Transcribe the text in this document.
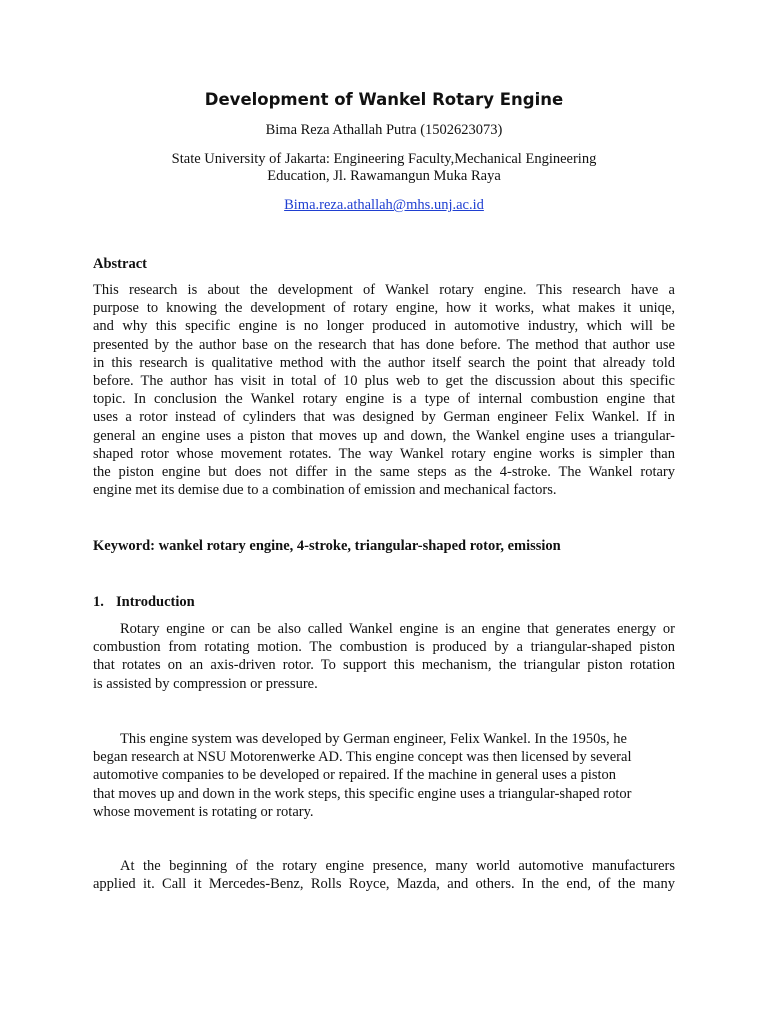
Development of Wankel Rotary Engine
Bima Reza Athallah Putra (1502623073)
State University of Jakarta: Engineering Faculty,Mechanical Engineering
Education, Jl. Rawamangun Muka Raya
Bima.reza.athallah@mhs.unj.ac.id
Abstract
This research is about the development of Wankel rotary engine. This research have a
purpose to knowing the development of rotary engine, how it works, what makes it uniqe,
and why this specific engine is no longer produced in automotive industry, which will be
presented by the author base on the research that has done before. The method that author use
in this research is qualitative method with the author itself search the point that already told
before. The author has visit in total of 10 plus web to get the discussion about this specific
topic. In conclusion the Wankel rotary engine is a type of internal combustion engine that
uses a rotor instead of cylinders that was designed by German engineer Felix Wankel. If in
general an engine uses a piston that moves up and down, the Wankel engine uses a triangular-
shaped rotor whose movement rotates. The way Wankel rotary engine works is simpler than
the piston engine but does not differ in the same steps as the 4-stroke. The Wankel rotary
engine met its demise due to a combination of emission and mechanical factors.
Keyword: wankel rotary engine, 4-stroke, triangular-shaped rotor, emission
1. Introduction
Rotary engine or can be also called Wankel engine is an engine that generates energy or
combustion from rotating motion. The combustion is produced by a triangular-shaped piston
that rotates on an axis-driven rotor. To support this mechanism, the triangular piston rotation
is assisted by compression or pressure.
This engine system was developed by German engineer, Felix Wankel. In the 1950s, he
began research at NSU Motorenwerke AD. This engine concept was then licensed by several
automotive companies to be developed or repaired. If the machine in general uses a piston
that moves up and down in the work steps, this specific engine uses a triangular-shaped rotor
whose movement is rotating or rotary.
At the beginning of the rotary engine presence, many world automotive manufacturers
applied it. Call it Mercedes-Benz, Rolls Royce, Mazda, and others. In the end, of the many
